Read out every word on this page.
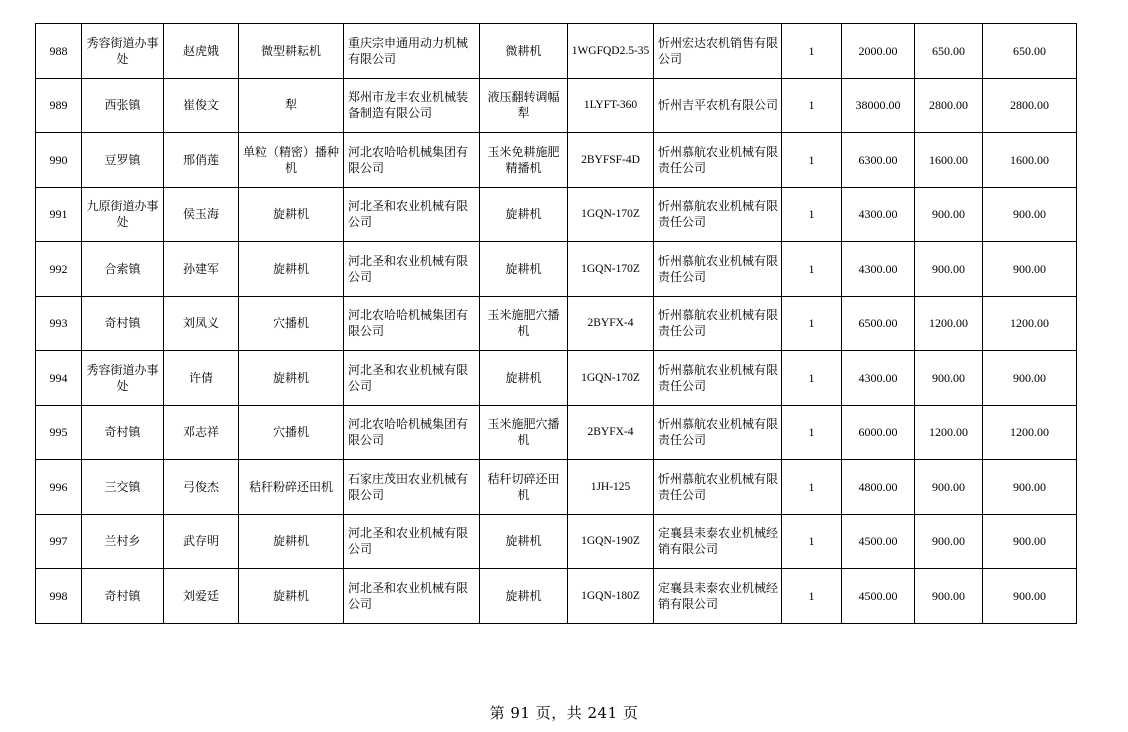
988	秀容街道办事处	赵虎娥	微型耕耘机	重庆宗申通用动力机械有限公司	微耕机	1WGFQD2.5-35	忻州宏达农机销售有限公司	1	2000.00	650.00	650.00
989	西张镇	崔俊文	犁	郑州市龙丰农业机械装备制造有限公司	液压翻转调幅犁	1LYFT-360	忻州吉平农机有限公司	1	38000.00	2800.00	2800.00
990	豆罗镇	邢俏莲	单粒（精密）播种机	河北农哈哈机械集团有限公司	玉米免耕施肥精播机	2BYFSF-4D	忻州慕航农业机械有限责任公司	1	6300.00	1600.00	1600.00
991	九原街道办事处	侯玉海	旋耕机	河北圣和农业机械有限公司	旋耕机	1GQN-170Z	忻州慕航农业机械有限责任公司	1	4300.00	900.00	900.00
992	合索镇	孙建军	旋耕机	河北圣和农业机械有限公司	旋耕机	1GQN-170Z	忻州慕航农业机械有限责任公司	1	4300.00	900.00	900.00
993	奇村镇	刘凤义	穴播机	河北农哈哈机械集团有限公司	玉米施肥穴播机	2BYFX-4	忻州慕航农业机械有限责任公司	1	6500.00	1200.00	1200.00
994	秀容街道办事处	许倩	旋耕机	河北圣和农业机械有限公司	旋耕机	1GQN-170Z	忻州慕航农业机械有限责任公司	1	4300.00	900.00	900.00
995	奇村镇	邓志祥	穴播机	河北农哈哈机械集团有限公司	玉米施肥穴播机	2BYFX-4	忻州慕航农业机械有限责任公司	1	6000.00	1200.00	1200.00
996	三交镇	弓俊杰	秸秆粉碎还田机	石家庄茂田农业机械有限公司	秸秆切碎还田机	1JH-125	忻州慕航农业机械有限责任公司	1	4800.00	900.00	900.00
997	兰村乡	武存明	旋耕机	河北圣和农业机械有限公司	旋耕机	1GQN-190Z	定襄县耒泰农业机械经销有限公司	1	4500.00	900.00	900.00
998	奇村镇	刘爱廷	旋耕机	河北圣和农业机械有限公司	旋耕机	1GQN-180Z	定襄县耒泰农业机械经销有限公司	1	4500.00	900.00	900.00
第 91 页，共 241 页
